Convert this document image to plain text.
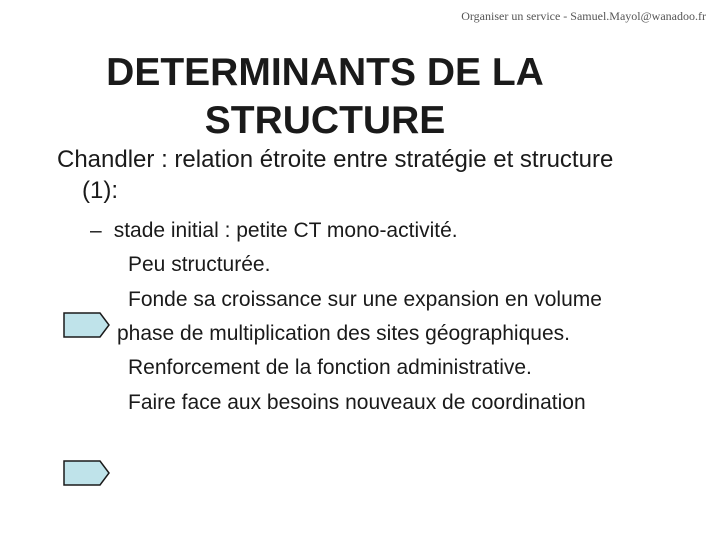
Organiser un service - Samuel.Mayol@wanadoo.fr
DETERMINANTS DE LA
STRUCTURE
Chandler : relation étroite entre stratégie et structure
(1):
– stade initial : petite CT mono-activité.
Peu structurée.
Fonde sa croissance sur une expansion en volume
phase de multiplication des sites géographiques.
Renforcement de la fonction administrative.
Faire face aux besoins nouveaux de coordination
